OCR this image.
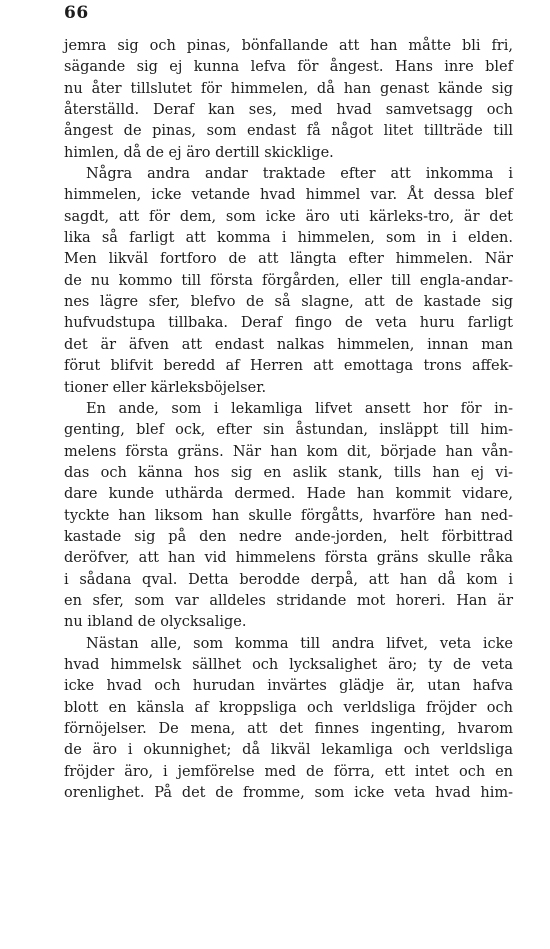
66
jemra sig och pinas, bönfallande att han måtte bli fri,
sägande sig ej kunna lefva för ångest. Hans inre blef
nu åter tillslutet för himmelen, då han genast kände sig
återställd. Deraf kan ses, med hvad samvetsagg och
ångest de pinas, som endast få något litet tillträde till
himlen, då de ej äro dertill skicklige.
Några andra andar traktade efter att inkomma i
himmelen, icke vetande hvad himmel var. Åt dessa blef
sagdt, att för dem, som icke äro uti kärleks-tro, är det
lika så farligt att komma i himmelen, som in i elden.
Men likväl fortforo de att längta efter himmelen. När
de nu kommo till första förgården, eller till engla-andar-
nes lägre sfer, blefvo de så slagne, att de kastade sig
hufvudstupa tillbaka. Deraf fingo de veta huru farligt
det är äfven att endast nalkas himmelen, innan man
förut blifvit beredd af Herren att emottaga trons affek-
tioner eller kärleksböjelser.
En ande, som i lekamliga lifvet ansett hor för in-
genting, blef ock, efter sin åstundan, insläppt till him-
melens första gräns. När han kom dit, började han vån-
das och känna hos sig en aslik stank, tills han ej vi-
dare kunde uthärda dermed. Hade han kommit vidare,
tyckte han liksom han skulle förgåtts, hvarföre han ned-
kastade sig på den nedre ande-jorden, helt förbittrad
deröfver, att han vid himmelens första gräns skulle råka
i sådana qval. Detta berodde derpå, att han då kom i
en sfer, som var alldeles stridande mot horeri. Han är
nu ibland de olycksalige.
Nästan alle, som komma till andra lifvet, veta icke
hvad himmelsk sällhet och lycksalighet äro; ty de veta
icke hvad och hurudan invärtes glädje är, utan hafva
blott en känsla af kroppsliga och verldsliga fröjder och
förnöjelser. De mena, att det finnes ingenting, hvarom
de äro i okunnighet; då likväl lekamliga och verldsliga
fröjder äro, i jemförelse med de förra, ett intet och en
orenlighet. På det de fromme, som icke veta hvad him-
